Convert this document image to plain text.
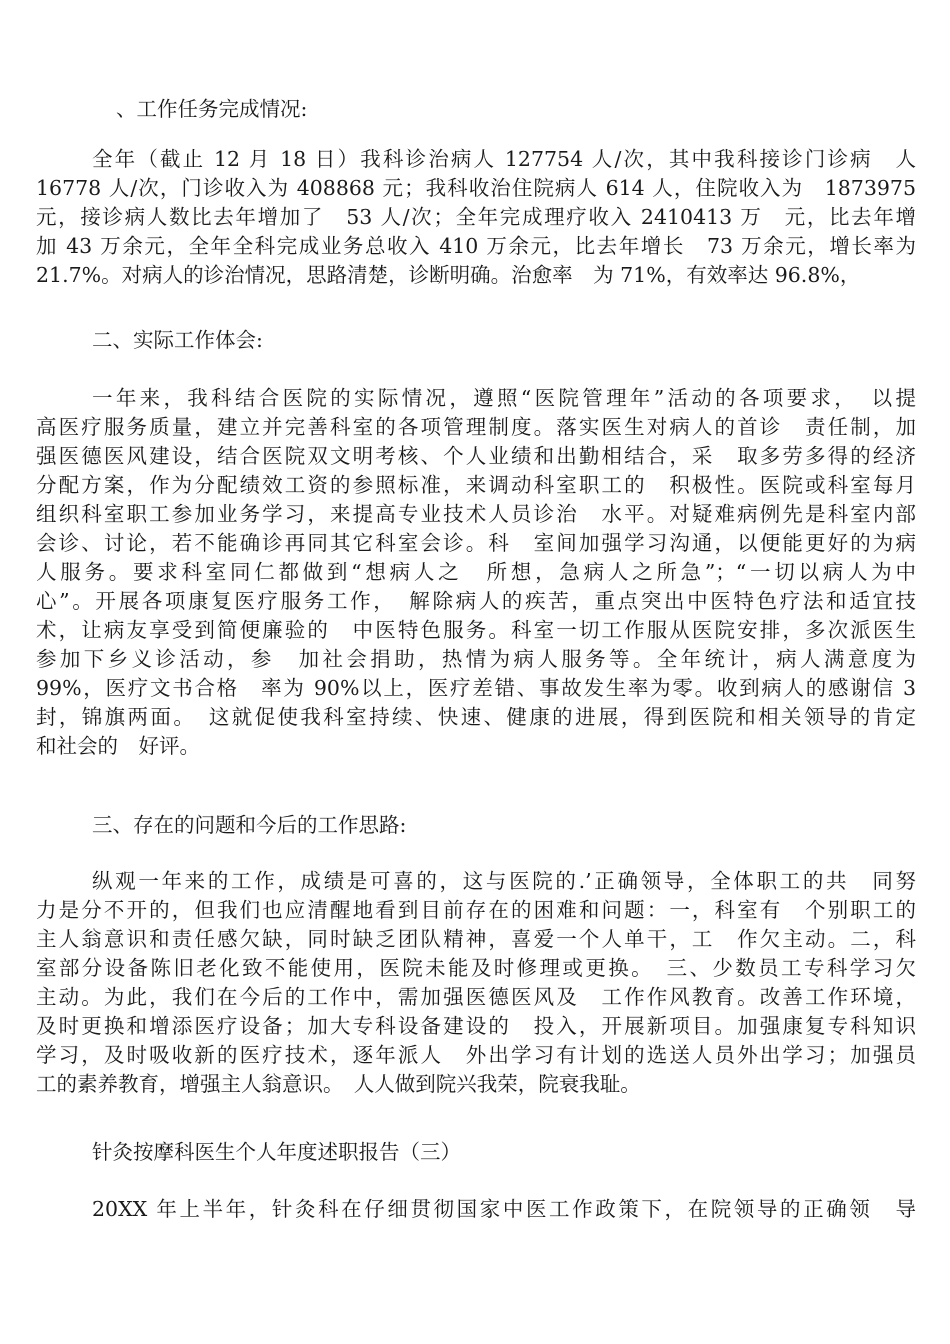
、工作任务完成情况:
全年（截止 12 月 18 日）我科诊治病人 127754 人/次，其中我科接诊门诊病　人
16778 人/次，门诊收入为 408868 元；我科收治住院病人 614 人，住院收入为　1873975
元，接诊病人数比去年增加了　53 人/次；全年完成理疗收入 2410413 万　元，比去年增
加 43 万余元，全年全科完成业务总收入 410 万余元，比去年增长　73 万余元，增长率为
21.7%。对病人的诊治情况，思路清楚，诊断明确。治愈率　为 71%，有效率达 96.8%，
二、实际工作体会:
一年来，我科结合医院的实际情况，遵照“医院管理年”活动的各项要求，　以提
高医疗服务质量，建立并完善科室的各项管理制度。落实医生对病人的首诊　责任制，加
强医德医风建设，结合医院双文明考核、个人业绩和出勤相结合，采　取多劳多得的经济
分配方案，作为分配绩效工资的参照标准，来调动科室职工的　积极性。医院或科室每月
组织科室职工参加业务学习，来提高专业技术人员诊治　水平。对疑难病例先是科室内部
会诊、讨论，若不能确诊再同其它科室会诊。科　室间加强学习沟通，以便能更好的为病
人服务。要求科室同仁都做到“想病人之　所想，急病人之所急”；“一切以病人为中
心”。开展各项康复医疗服务工作，　解除病人的疾苦，重点突出中医特色疗法和适宜技
术，让病友享受到简便廉验的　中医特色服务。科室一切工作服从医院安排，多次派医生
参加下乡义诊活动，参　加社会捐助，热情为病人服务等。全年统计，病人满意度为
99%，医疗文书合格　率为 90%以上，医疗差错、事故发生率为零。收到病人的感谢信 3
封，锦旗两面。　这就促使我科室持续、快速、健康的进展，得到医院和相关领导的肯定
和社会的　好评。
三、存在的问题和今后的工作思路:
纵观一年来的工作，成绩是可喜的，这与医院的.’正确领导，全体职工的共　同努
力是分不开的，但我们也应清醒地看到目前存在的困难和问题：一，科室有　个别职工的
主人翁意识和责任感欠缺，同时缺乏团队精神，喜爱一个人单干，工　作欠主动。二，科
室部分设备陈旧老化致不能使用，医院未能及时修理或更换。　三、少数员工专科学习欠
主动。为此，我们在今后的工作中，需加强医德医风及　工作作风教育。改善工作环境，
及时更换和增添医疗设备；加大专科设备建设的　投入，开展新项目。加强康复专科知识
学习，及时吸收新的医疗技术，逐年派人　外出学习有计划的选送人员外出学习；加强员
工的素养教育，增强主人翁意识。　人人做到院兴我荣，院衰我耻。
针灸按摩科医生个人年度述职报告（三）
20XX 年上半年，针灸科在仔细贯彻国家中医工作政策下，在院领导的正确领　导
